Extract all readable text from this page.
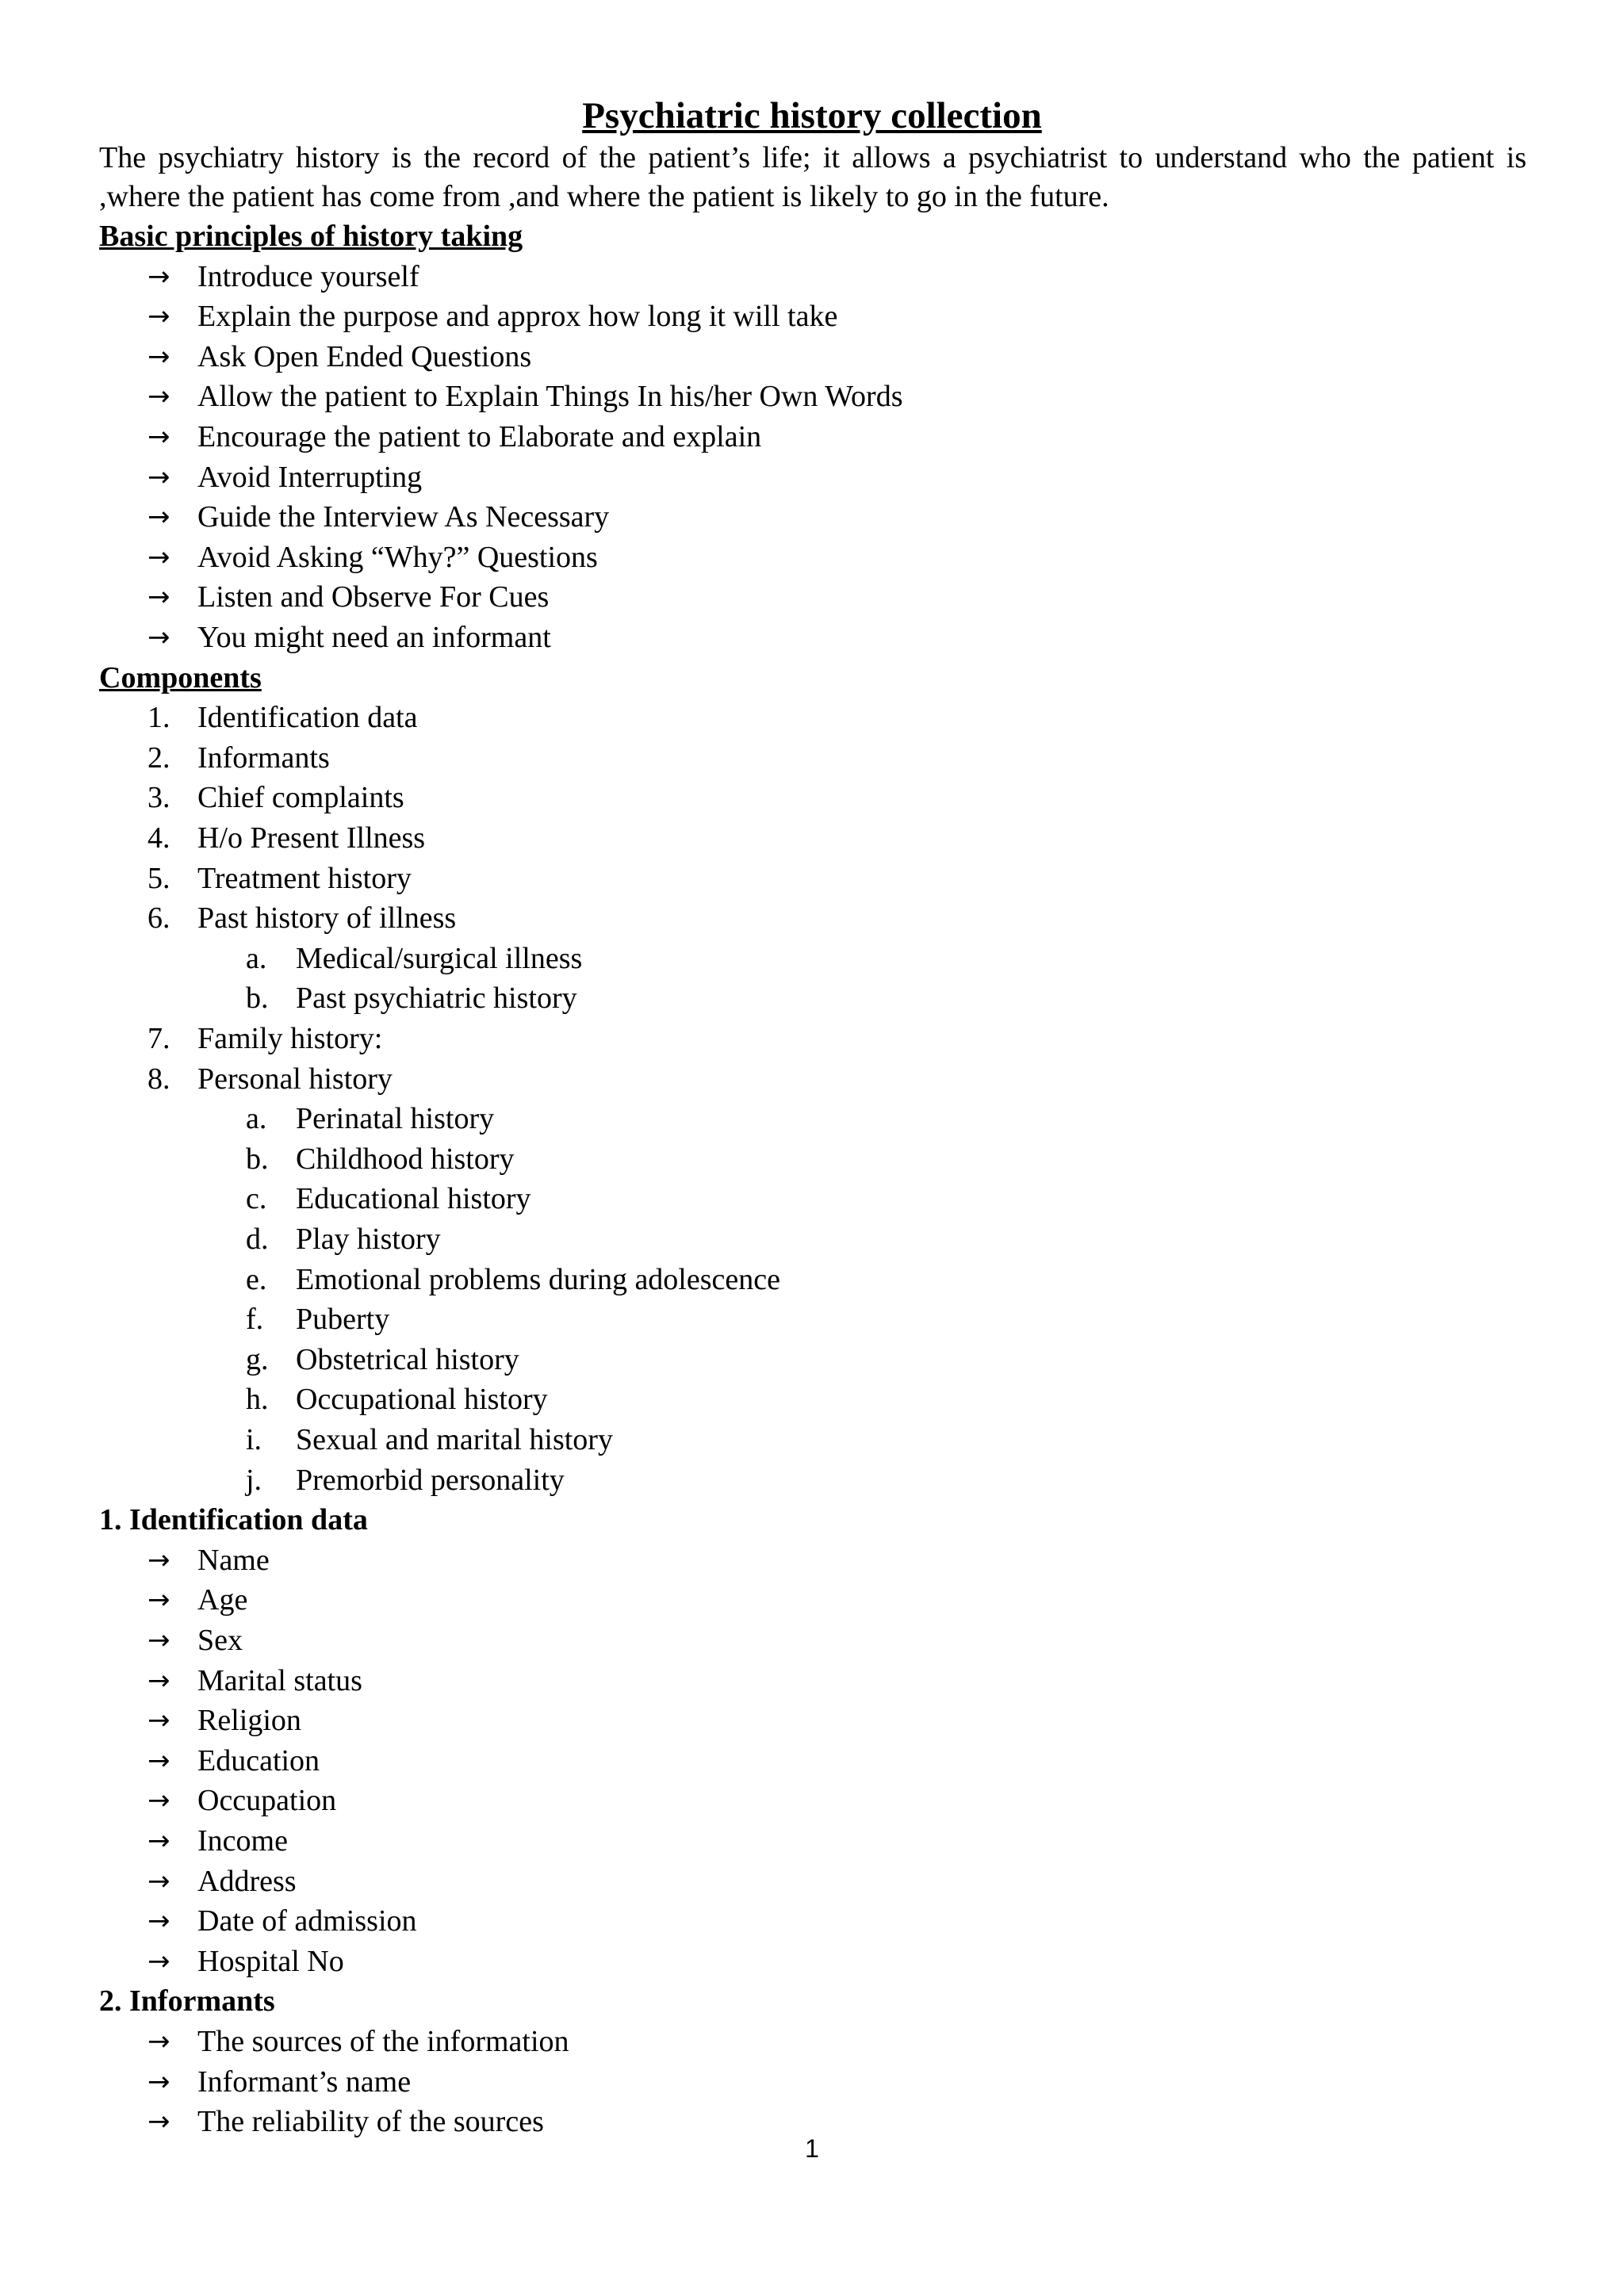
Psychiatric history collection
The psychiatry history is the record of the patient’s life; it allows a psychiatrist to understand who the patient is ,where the patient has come from ,and where the patient is likely to go in the future.
Basic principles of history taking
→ Introduce yourself
→ Explain the purpose and approx how long it will take
→ Ask Open Ended Questions
→ Allow the patient to Explain Things In his/her Own Words
→ Encourage the patient to Elaborate and explain
→ Avoid Interrupting
→ Guide the Interview As Necessary
→ Avoid Asking “Why?” Questions
→ Listen and Observe For Cues
→ You might need an informant
Components
1. Identification data
2. Informants
3. Chief complaints
4. H/o Present Illness
5. Treatment history
6. Past history of illness
a. Medical/surgical illness
b. Past psychiatric history
7. Family history:
8. Personal history
a. Perinatal history
b. Childhood history
c. Educational history
d. Play history
e. Emotional problems during adolescence
f. Puberty
g. Obstetrical history
h. Occupational history
i. Sexual and marital history
j. Premorbid personality
1. Identification data
→ Name
→ Age
→ Sex
→ Marital status
→ Religion
→ Education
→ Occupation
→ Income
→ Address
→ Date of admission
→ Hospital No
2. Informants
→ The sources of the information
→ Informant’s name
→ The reliability of the sources
1
